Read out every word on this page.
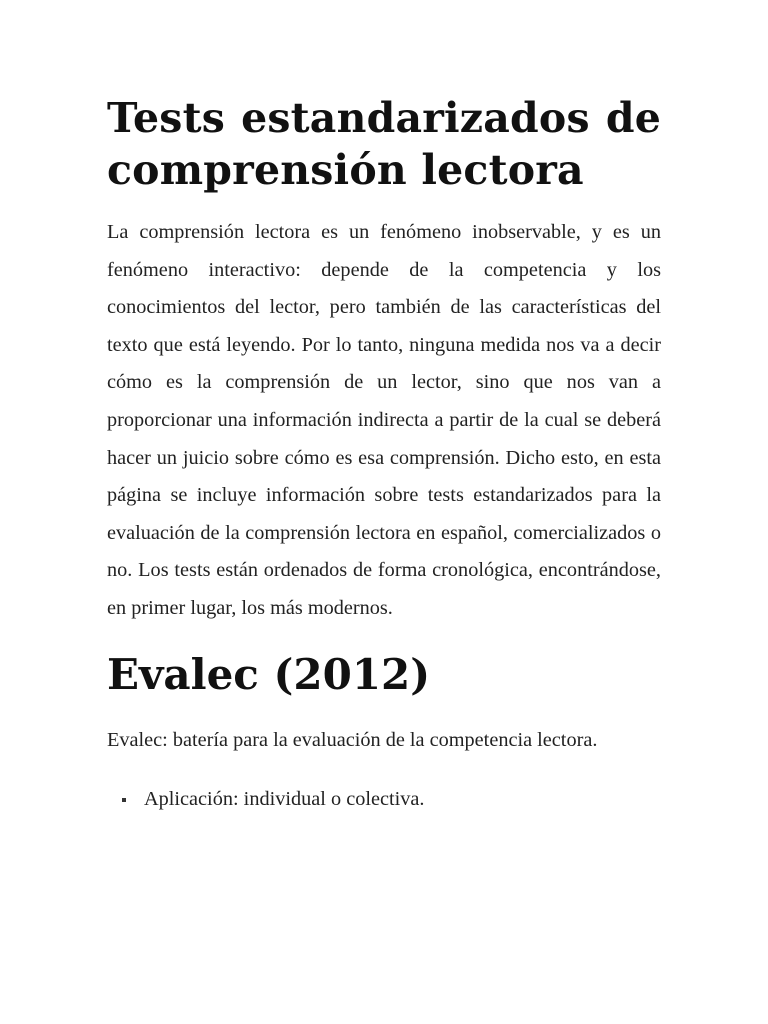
Tests estandarizados de comprensión lectora

La comprensión lectora es un fenómeno inobservable, y es un fenómeno interactivo: depende de la competencia y los conocimientos del lector, pero también de las características del texto que está leyendo. Por lo tanto, ninguna medida nos va a decir cómo es la comprensión de un lector, sino que nos van a proporcionar una información indirecta a partir de la cual se deberá hacer un juicio sobre cómo es esa comprensión. Dicho esto, en esta página se incluye información sobre tests estandarizados para la evaluación de la comprensión lectora en español, comercializados o no. Los tests están ordenados de forma cronológica, encontrándose, en primer lugar, los más modernos.

Evalec (2012)

Evalec: batería para la evaluación de la competencia lectora.

Aplicación: individual o colectiva.
